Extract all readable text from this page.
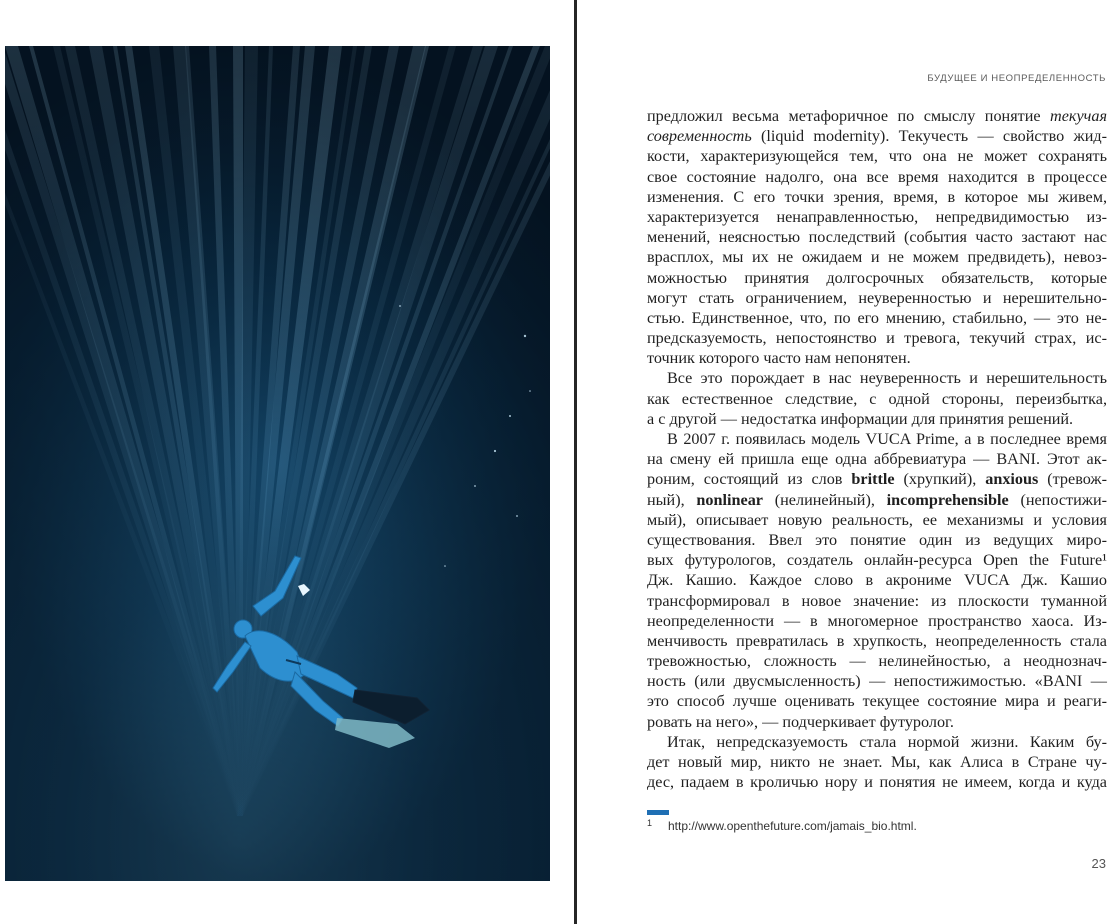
БУДУЩЕЕ И НЕОПРЕДЕЛЕННОСТЬ
предложил весьма метафоричное по смыслу понятие текучая
современность (liquid modernity). Текучесть — свойство жид-
кости, характеризующейся тем, что она не может сохранять
свое состояние надолго, она все время находится в процессе
изменения. С его точки зрения, время, в которое мы живем,
характеризуется ненаправленностью, непредвидимостью из-
менений, неясностью последствий (события часто застают нас
врасплох, мы их не ожидаем и не можем предвидеть), невоз-
можностью принятия долгосрочных обязательств, которые
могут стать ограничением, неуверенностью и нерешительно-
стью. Единственное, что, по его мнению, стабильно, — это не-
предсказуемость, непостоянство и тревога, текучий страх, ис-
точник которого часто нам непонятен.
Все это порождает в нас неуверенность и нерешительность
как естественное следствие, с одной стороны, переизбытка,
а с другой — недостатка информации для принятия решений.
В 2007 г. появилась модель VUCA Prime, а в последнее время
на смену ей пришла еще одна аббревиатура — BANI. Этот ак-
роним, состоящий из слов brittle (хрупкий), anxious (тревож-
ный), nonlinear (нелинейный), incomprehensible (непостижи-
мый), описывает новую реальность, ее механизмы и условия
существования. Ввел это понятие один из ведущих миро-
вых футурологов, создатель онлайн-ресурса Open the Future¹
Дж. Кашио. Каждое слово в акрониме VUCA Дж. Кашио
трансформировал в новое значение: из плоскости туманной
неопределенности — в многомерное пространство хаоса. Из-
менчивость превратилась в хрупкость, неопределенность стала
тревожностью, сложность — нелинейностью, а неоднознач-
ность (или двусмысленность) — непостижимостью. «BANI —
это способ лучше оценивать текущее состояние мира и реаги-
ровать на него», — подчеркивает футуролог.
Итак, непредсказуемость стала нормой жизни. Каким бу-
дет новый мир, никто не знает. Мы, как Алиса в Стране чу-
дес, падаем в кроличью нору и понятия не имеем, когда и куда
1 http://www.openthefuture.com/jamais_bio.html.
23
